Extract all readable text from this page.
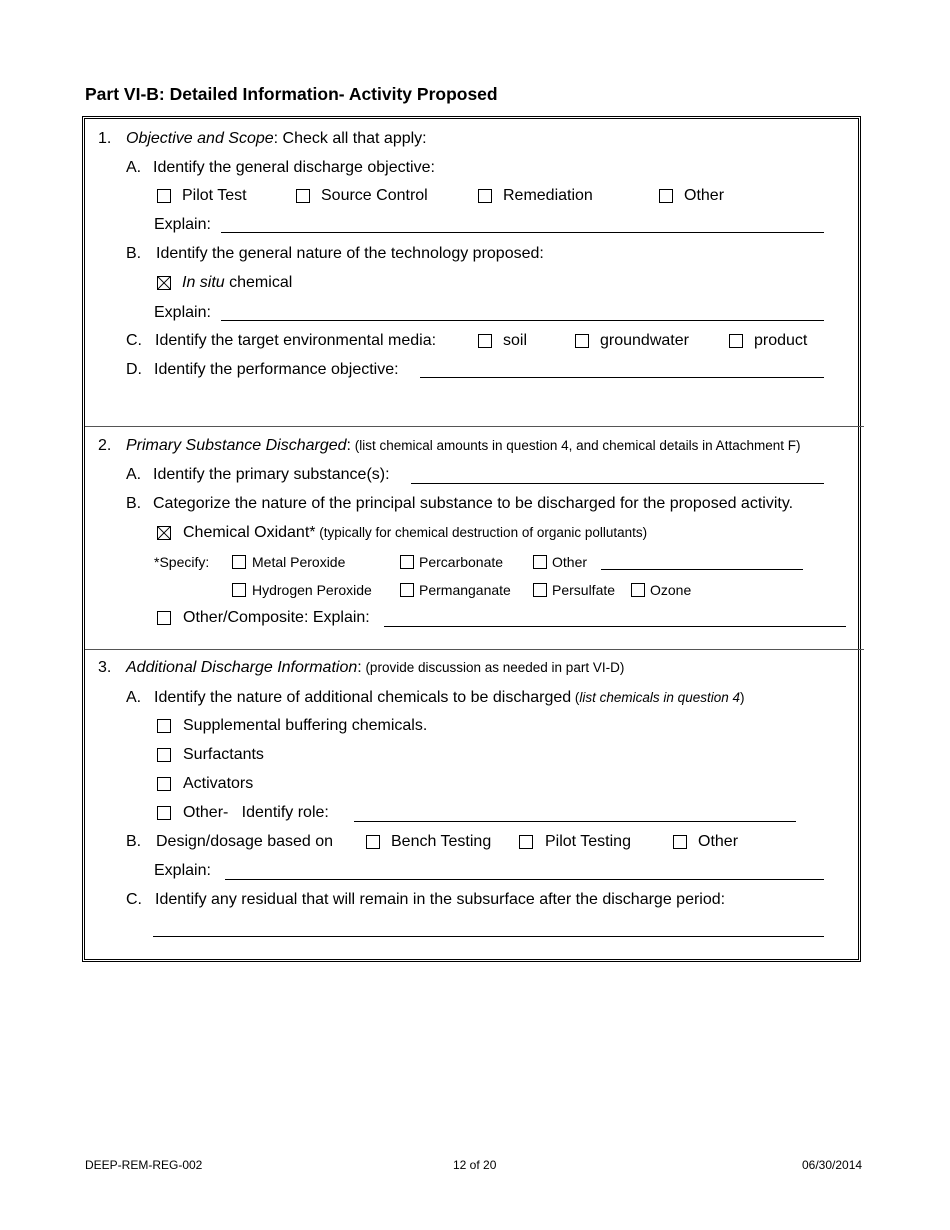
Part VI-B: Detailed Information- Activity Proposed
1. Objective and Scope: Check all that apply:
A. Identify the general discharge objective:
Pilot Test	Source Control	Remediation	Other
Explain:
B. Identify the general nature of the technology proposed:
In situ chemical
Explain:
C. Identify the target environmental media:	soil	groundwater	product
D. Identify the performance objective:
2. Primary Substance Discharged: (list chemical amounts in question 4, and chemical details in Attachment F)
A. Identify the primary substance(s):
B. Categorize the nature of the principal substance to be discharged for the proposed activity.
Chemical Oxidant* (typically for chemical destruction of organic pollutants)
*Specify:	Metal Peroxide	Percarbonate	Other
Hydrogen Peroxide	Permanganate	Persulfate Ozone
Other/Composite: Explain:
3. Additional Discharge Information: (provide discussion as needed in part VI-D)
A. Identify the nature of additional chemicals to be discharged (list chemicals in question 4)
Supplemental buffering chemicals.
Surfactants
Activators
Other-   Identify role:
B. Design/dosage based on	Bench Testing	Pilot Testing	Other
Explain:
C. Identify any residual that will remain in the subsurface after the discharge period:
DEEP-REM-REG-002	12 of 20	06/30/2014
